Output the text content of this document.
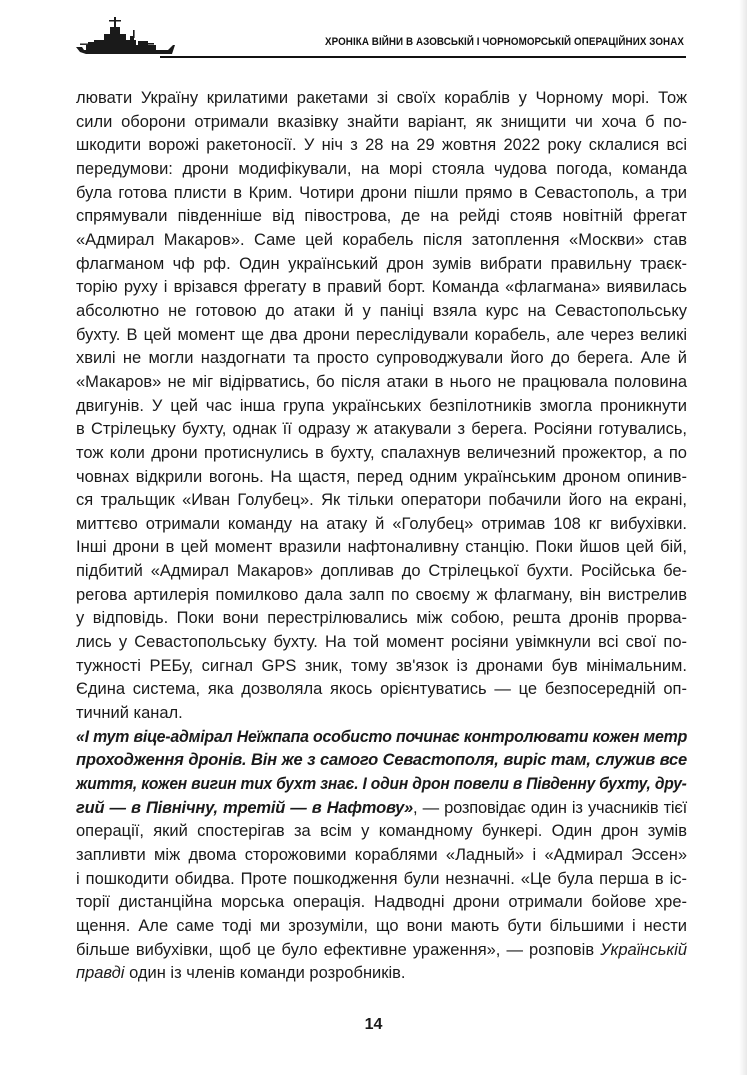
ХРОНІКА ВІЙНИ В АЗОВСЬКІЙ І ЧОРНОМОРСЬКІЙ ОПЕРАЦІЙНИХ ЗОНАХ
лювати Україну крилатими ракетами зі своїх кораблів у Чорному морі. Тож
сили оборони отримали вказівку знайти варіант, як знищити чи хоча б по-
шкодити ворожі ракетоносії. У ніч з 28 на 29 жовтня 2022 року склалися всі
передумови: дрони модифікували, на морі стояла чудова погода, команда
була готова плисти в Крим. Чотири дрони пішли прямо в Севастополь, а три
спрямували південніше від півострова, де на рейді стояв новітній фрегат
«Адмирал Макаров». Саме цей корабель після затоплення «Москви» став
флагманом чф рф. Один український дрон зумів вибрати правильну траєк-
торію руху і врізався фрегату в правий борт. Команда «флагмана» виявилась
абсолютно не готовою до атаки й у паніці взяла курс на Севастопольську
бухту. В цей момент ще два дрони переслідували корабель, але через великі
хвилі не могли наздогнати та просто супроводжували його до берега. Але й
«Макаров» не міг відірватись, бо після атаки в нього не працювала половина
двигунів. У цей час інша група українських безпілотників змогла проникнути
в Стрілецьку бухту, однак її одразу ж атакували з берега. Росіяни готувались,
тож коли дрони протиснулись в бухту, спалахнув величезний прожектор, а по
човнах відкрили вогонь. На щастя, перед одним українським дроном опинив-
ся тральщик «Иван Голубец». Як тільки оператори побачили його на екрані,
миттєво отримали команду на атаку й «Голубец» отримав 108 кг вибухівки.
Інші дрони в цей момент вразили нафтоналивну станцію. Поки йшов цей бій,
підбитий «Адмирал Макаров» допливав до Стрілецької бухти. Російська бе-
регова артилерія помилково дала залп по своєму ж флагману, він вистрелив
у відповідь. Поки вони перестрілювались між собою, решта дронів прорва-
лись у Севастопольську бухту. На той момент росіяни увімкнули всі свої по-
тужності РЕБу, сигнал GPS зник, тому зв'язок із дронами був мінімальним.
Єдина система, яка дозволяла якось орієнтуватись — це безпосередній оп-
тичний канал.
«І тут віце-адмірал Неїжпапа особисто починає контролювати кожен метр
проходження дронів. Він же з самого Севастополя, виріс там, служив все
життя, кожен вигин тих бухт знає. І один дрон повели в Південну бухту, дру-
гий — в Північну, третій — в Нафтову», — розповідає один із учасників тієї
операції, який спостерігав за всім у командному бункері. Один дрон зумів
запливти між двома сторожовими кораблями «Ладный» і «Адмирал Эссен»
і пошкодити обидва. Проте пошкодження були незначні. «Це була перша в іс-
торії дистанційна морська операція. Надводні дрони отримали бойове хре-
щення. Але саме тоді ми зрозуміли, що вони мають бути більшими і нести
більше вибухівки, щоб це було ефективне ураження», — розповів Українській
правді один із членів команди розробників.
14
